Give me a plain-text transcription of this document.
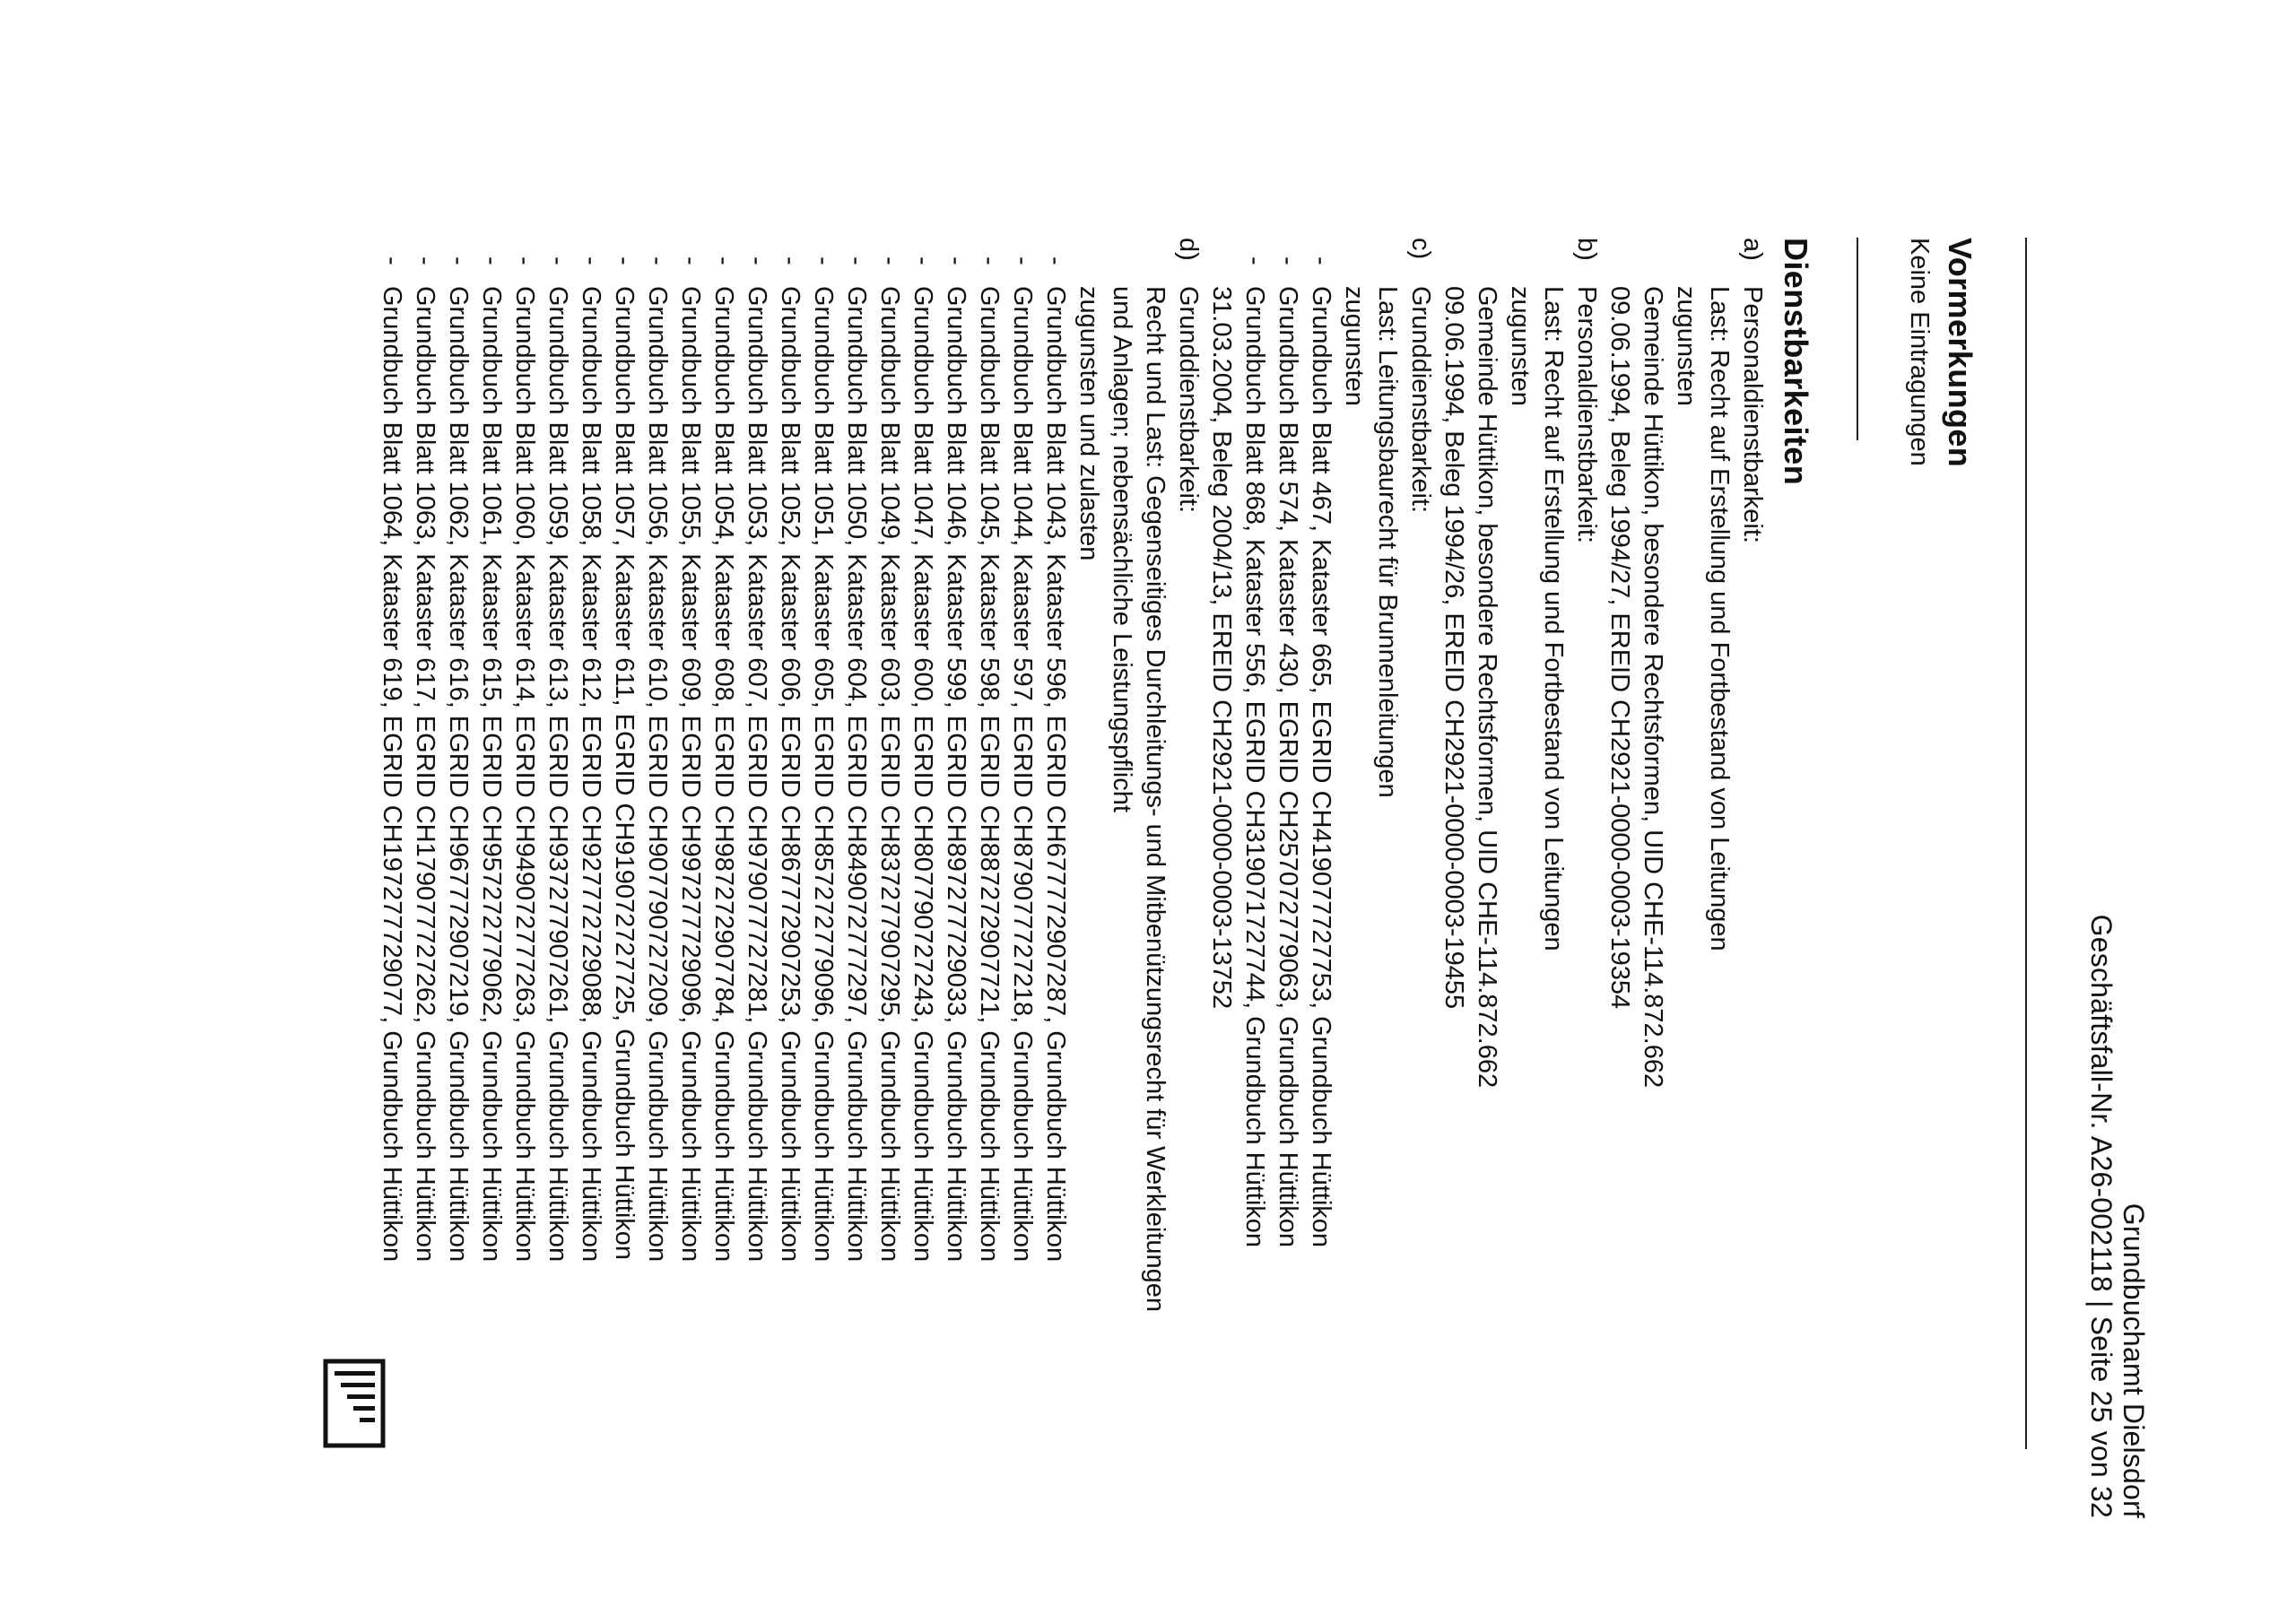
Grundbuchamt Dielsdorf
Geschäftsfall-Nr. A26-002118 | Seite 25 von 32
Vormerkungen
Keine Eintragungen
Dienstbarkeiten
a)
Personaldienstbarkeit:
Last: Recht auf Erstellung und Fortbestand von Leitungen
zugunsten
Gemeinde Hüttikon, besondere Rechtsformen, UID CHE-114.872.662
09.06.1994, Beleg 1994/27, EREID CH2921-0000-0003-19354
b)
Personaldienstbarkeit:
Last: Recht auf Erstellung und Fortbestand von Leitungen
zugunsten
Gemeinde Hüttikon, besondere Rechtsformen, UID CHE-114.872.662
09.06.1994, Beleg 1994/26, EREID CH2921-0000-0003-19455
c)
Grunddienstbarkeit:
Last: Leitungsbaurecht für Brunnenleitungen
zugunsten
-
Grundbuch Blatt 467, Kataster 665, EGRID CH419077727753, Grundbuch Hüttikon
-
Grundbuch Blatt 574, Kataster 430, EGRID CH257072779063, Grundbuch Hüttikon
-
Grundbuch Blatt 868, Kataster 556, EGRID CH319071727744, Grundbuch Hüttikon
31.03.2004, Beleg 2004/13, EREID CH2921-0000-0003-13752
d)
Grunddienstbarkeit:
Recht und Last: Gegenseitiges Durchleitungs- und Mitbenützungsrecht für Werkleitungen
und Anlagen; nebensächliche Leistungspflicht
zugunsten und zulasten
-
Grundbuch Blatt 1043, Kataster 596, EGRID CH677772907287, Grundbuch Hüttikon
-
Grundbuch Blatt 1044, Kataster 597, EGRID CH879077727218, Grundbuch Hüttikon
-
Grundbuch Blatt 1045, Kataster 598, EGRID CH887272907721, Grundbuch Hüttikon
-
Grundbuch Blatt 1046, Kataster 599, EGRID CH897277729033, Grundbuch Hüttikon
-
Grundbuch Blatt 1047, Kataster 600, EGRID CH807790727243, Grundbuch Hüttikon
-
Grundbuch Blatt 1049, Kataster 603, EGRID CH837277907295, Grundbuch Hüttikon
-
Grundbuch Blatt 1050, Kataster 604, EGRID CH849072777297, Grundbuch Hüttikon
-
Grundbuch Blatt 1051, Kataster 605, EGRID CH857272779096, Grundbuch Hüttikon
-
Grundbuch Blatt 1052, Kataster 606, EGRID CH867772907253, Grundbuch Hüttikon
-
Grundbuch Blatt 1053, Kataster 607, EGRID CH979077727281, Grundbuch Hüttikon
-
Grundbuch Blatt 1054, Kataster 608, EGRID CH987272907784, Grundbuch Hüttikon
-
Grundbuch Blatt 1055, Kataster 609, EGRID CH997277729096, Grundbuch Hüttikon
-
Grundbuch Blatt 1056, Kataster 610, EGRID CH907790727209, Grundbuch Hüttikon
-
Grundbuch Blatt 1057, Kataster 611, EGRID CH919072727725, Grundbuch Hüttikon
-
Grundbuch Blatt 1058, Kataster 612, EGRID CH927772729088, Grundbuch Hüttikon
-
Grundbuch Blatt 1059, Kataster 613, EGRID CH937277907261, Grundbuch Hüttikon
-
Grundbuch Blatt 1060, Kataster 614, EGRID CH949072777263, Grundbuch Hüttikon
-
Grundbuch Blatt 1061, Kataster 615, EGRID CH957272779062, Grundbuch Hüttikon
-
Grundbuch Blatt 1062, Kataster 616, EGRID CH967772907219, Grundbuch Hüttikon
-
Grundbuch Blatt 1063, Kataster 617, EGRID CH179077727262, Grundbuch Hüttikon
-
Grundbuch Blatt 1064, Kataster 619, EGRID CH197277729077, Grundbuch Hüttikon
